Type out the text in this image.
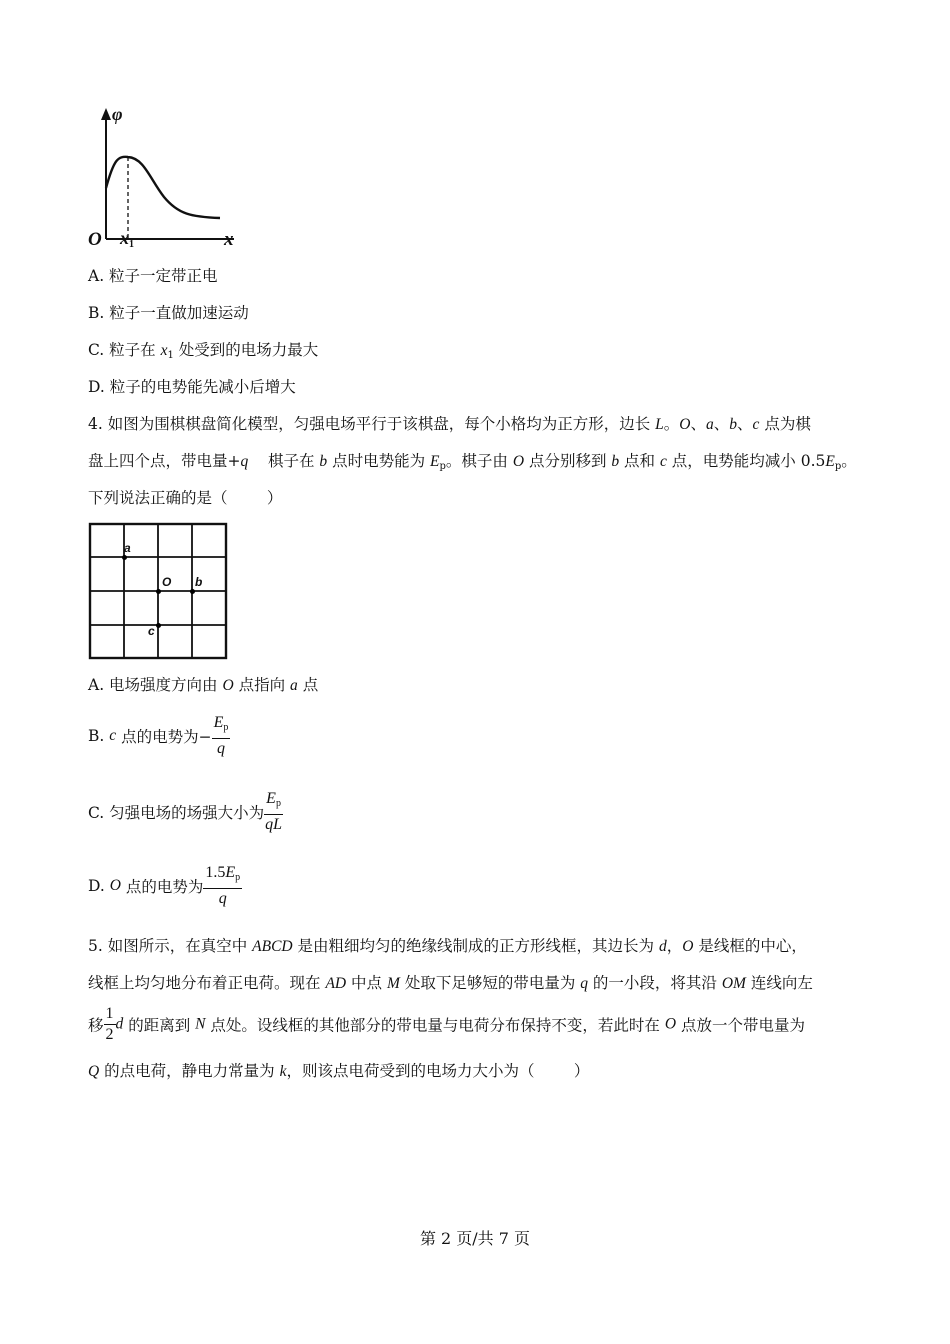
φ
O $x_1$	x
A. 粒子一定带正电
B. 粒子一直做加速运动
C. 粒子在 $x_1$ 处受到的电场力最大
D. 粒子的电势能先减小后增大
4. 如图为围棋棋盘简化模型，匀强电场平行于该棋盘，每个小格均为正方形，边长 L。O、a、b、c 点为棋
盘上四个点，带电量+q    棋子在 b 点时电势能为 $E_p$。棋子由 O 点分别移到 b 点和 c 点，电势能均减小 $0.5E_p$。
下列说法正确的是（        ）
a
O b
c
A. 电场强度方向由 O 点指向 a 点
B. c 点的电势为− $\frac{E_p}{q}$
C. 匀强电场的场强大小为 $\frac{E_p}{qL}$
D. O 点的电势为 $\frac{1.5E_p}{q}$
5. 如图所示，在真空中 ABCD 是由粗细均匀的绝缘线制成的正方形线框，其边长为 d，O 是线框的中心，
线框上均匀地分布着正电荷。现在 AD 中点 M 处取下足够短的带电量为 q 的一小段，将其沿 OM 连线向左
移 $\frac{1}{2}$ d 的距离到 N 点处。设线框的其他部分的带电量与电荷分布保持不变，若此时在 O 点放一个带电量为
Q 的点电荷，静电力常量为 k，则该点电荷受到的电场力大小为（        ）
第 2 页/共 7 页
